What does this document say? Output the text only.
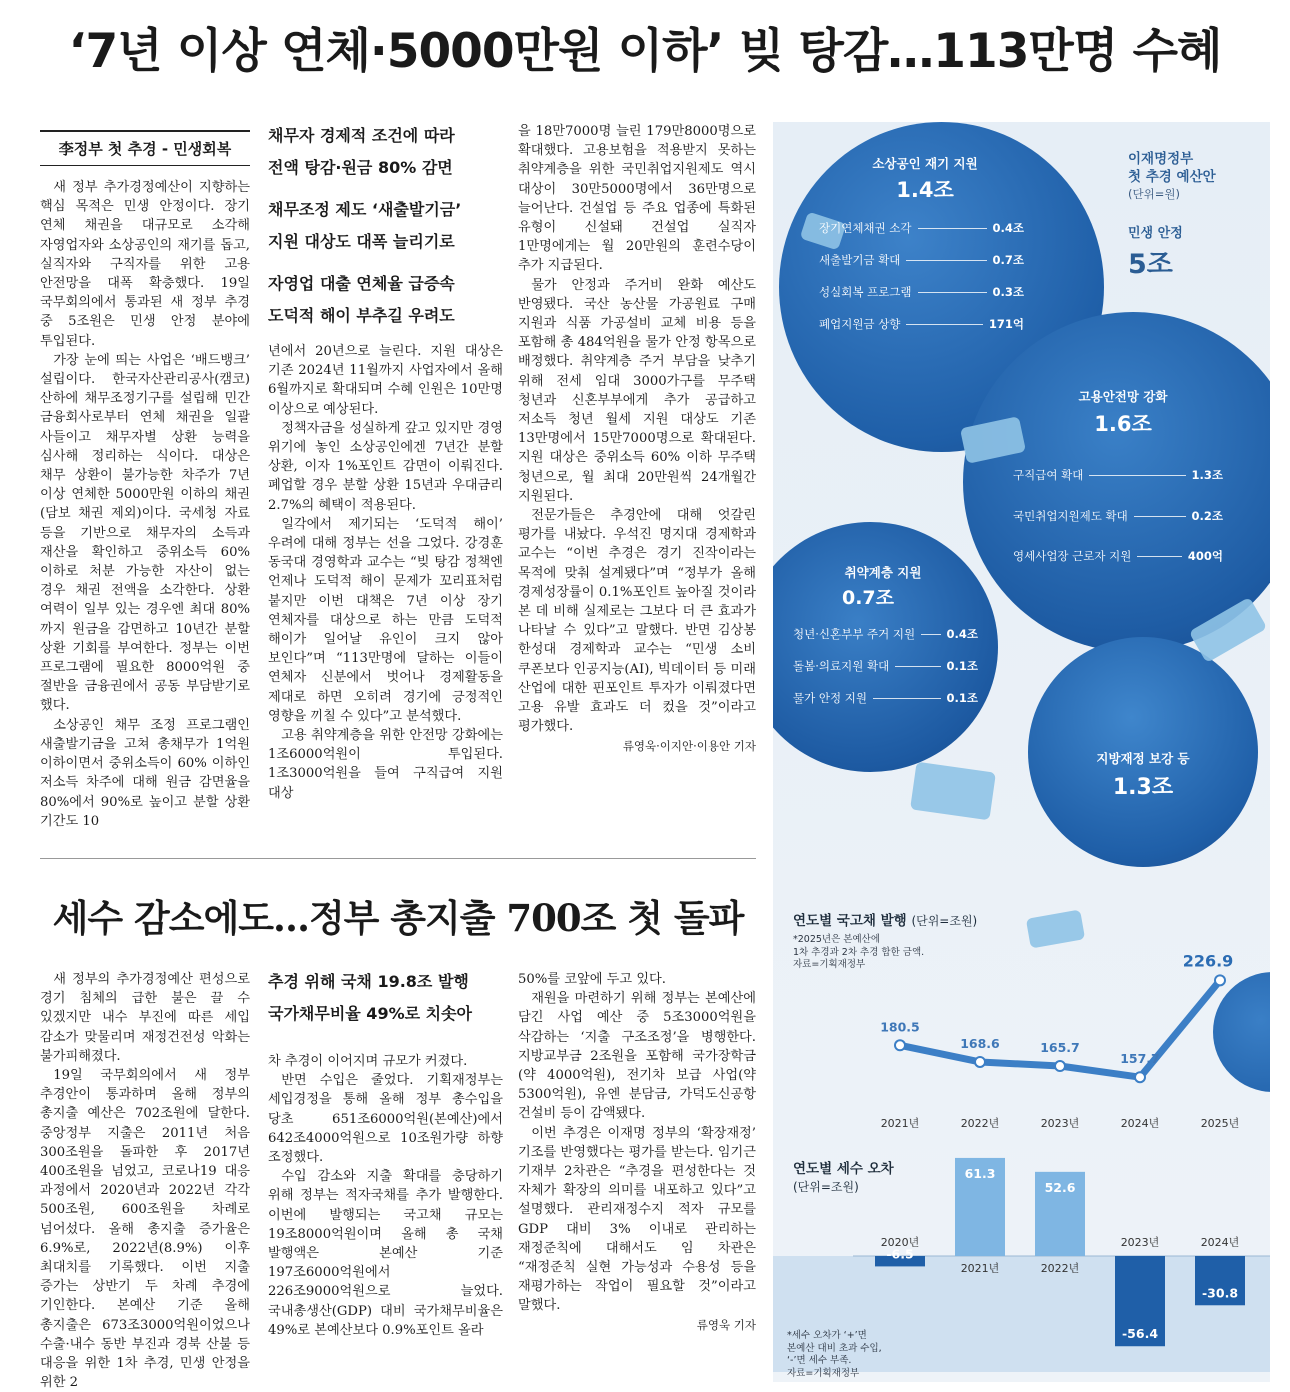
‘7년 이상 연체·5000만원 이하’ 빚 탕감…113만명 수혜
李정부 첫 추경 - 민생회복

새 정부 추가경정예산이 지향하는 핵심 목적은 민생 안정이다. 장기 연체 채권을 대규모로 소각해 자영업자와 소상공인의 재기를 돕고, 실직자와 구직자를 위한 고용 안전망을 대폭 확충했다. 19일 국무회의에서 통과된 새 정부 추경 중 5조원은 민생 안정 분야에 투입된다.

가장 눈에 띄는 사업은 ‘배드뱅크’ 설립이다. 한국자산관리공사(캠코) 산하에 채무조정기구를 설립해 민간 금융회사로부터 연체 채권을 일괄 사들이고 채무자별 상환 능력을 심사해 정리하는 식이다. 대상은 채무 상환이 불가능한 차주가 7년 이상 연체한 5000만원 이하의 채권(담보 채권 제외)이다. 국세청 자료 등을 기반으로 채무자의 소득과 재산을 확인하고 중위소득 60% 이하로 처분 가능한 자산이 없는 경우 채권 전액을 소각한다. 상환 여력이 일부 있는 경우엔 최대 80%까지 원금을 감면하고 10년간 분할 상환 기회를 부여한다. 정부는 이번 프로그램에 필요한 8000억원 중 절반을 금융권에서 공동 부담받기로 했다.

소상공인 채무 조정 프로그램인 새출발기금을 고쳐 총채무가 1억원 이하이면서 중위소득이 60% 이하인 저소득 차주에 대해 원금 감면율을 80%에서 90%로 높이고 분할 상환 기간도 10

채무자 경제적 조건에 따라
전액 탕감·원금 80% 감면
채무조정 제도 ‘새출발기금’
지원 대상도 대폭 늘리기로
자영업 대출 연체율 급증속
도덕적 해이 부추길 우려도

년에서 20년으로 늘린다. 지원 대상은 기존 2024년 11월까지 사업자에서 올해 6월까지로 확대되며 수혜 인원은 10만명 이상으로 예상된다.

정책자금을 성실하게 갚고 있지만 경영 위기에 놓인 소상공인에겐 7년간 분할 상환, 이자 1%포인트 감면이 이뤄진다. 폐업할 경우 분할 상환 15년과 우대금리 2.7%의 혜택이 적용된다.

일각에서 제기되는 ‘도덕적 해이’ 우려에 대해 정부는 선을 그었다. 강경훈 동국대 경영학과 교수는 “빚 탕감 정책엔 언제나 도덕적 해이 문제가 꼬리표처럼 붙지만 이번 대책은 7년 이상 장기 연체자를 대상으로 하는 만큼 도덕적 해이가 일어날 유인이 크지 않아 보인다”며 “113만명에 달하는 이들이 연체자 신분에서 벗어나 경제활동을 제대로 하면 오히려 경기에 긍정적인 영향을 끼칠 수 있다”고 분석했다.

고용 취약계층을 위한 안전망 강화에는 1조6000억원이 투입된다. 1조3000억원을 들여 구직급여 지원 대상

을 18만7000명 늘린 179만8000명으로 확대했다. 고용보험을 적용받지 못하는 취약계층을 위한 국민취업지원제도 역시 대상이 30만5000명에서 36만명으로 늘어난다. 건설업 등 주요 업종에 특화된 유형이 신설돼 건설업 실직자 1만명에게는 월 20만원의 훈련수당이 추가 지급된다.

물가 안정과 주거비 완화 예산도 반영됐다. 국산 농산물 가공원료 구매 지원과 식품 가공설비 교체 비용 등을 포함해 총 484억원을 물가 안정 항목으로 배정했다. 취약계층 주거 부담을 낮추기 위해 전세 임대 3000가구를 무주택 청년과 신혼부부에게 추가 공급하고 저소득 청년 월세 지원 대상도 기존 13만명에서 15만7000명으로 확대된다. 지원 대상은 중위소득 60% 이하 무주택 청년으로, 월 최대 20만원씩 24개월간 지원된다.

전문가들은 추경안에 대해 엇갈린 평가를 내놨다. 우석진 명지대 경제학과 교수는 “이번 추경은 경기 진작이라는 목적에 맞춰 설계됐다”며 “정부가 올해 경제성장률이 0.1%포인트 높아질 것이라 본 데 비해 실제로는 그보다 더 큰 효과가 나타날 수 있다”고 말했다. 반면 김상봉 한성대 경제학과 교수는 “민생 소비 쿠폰보다 인공지능(AI), 빅데이터 등 미래 산업에 대한 핀포인트 투자가 이뤄졌다면 고용 유발 효과도 더 컸을 것”이라고 평가했다.

류영욱·이지안·이용안 기자
세수 감소에도…정부 총지출 700조 첫 돌파

새 정부의 추가경정예산 편성으로 경기 침체의 급한 불은 끌 수 있겠지만 내수 부진에 따른 세입 감소가 맞물리며 재정건전성 악화는 불가피해졌다.

19일 국무회의에서 새 정부 추경안이 통과하며 올해 정부의 총지출 예산은 702조원에 달한다. 중앙정부 지출은 2011년 처음 300조원을 돌파한 후 2017년 400조원을 넘었고, 코로나19 대응 과정에서 2020년과 2022년 각각 500조원, 600조원을 차례로 넘어섰다. 올해 총지출 증가율은 6.9%로, 2022년(8.9%) 이후 최대치를 기록했다. 이번 지출 증가는 상반기 두 차례 추경에 기인한다. 본예산 기준 올해 총지출은 673조3000억원이었으나 수출·내수 동반 부진과 경북 산불 등 대응을 위한 1차 추경, 민생 안정을 위한 2

추경 위해 국채 19.8조 발행
국가채무비율 49%로 치솟아

차 추경이 이어지며 규모가 커졌다.

반면 수입은 줄었다. 기획재정부는 세입경정을 통해 올해 정부 총수입을 당초 651조6000억원(본예산)에서 642조4000억원으로 10조원가량 하향 조정했다.

수입 감소와 지출 확대를 충당하기 위해 정부는 적자국채를 추가 발행한다. 이번에 발행되는 국고채 규모는 19조8000억원이며 올해 총 국채 발행액은 본예산 기준 197조6000억원에서 226조9000억원으로 늘었다. 국내총생산(GDP) 대비 국가채무비율은 49%로 본예산보다 0.9%포인트 올라

50%를 코앞에 두고 있다.

재원을 마련하기 위해 정부는 본예산에 담긴 사업 예산 중 5조3000억원을 삭감하는 ‘지출 구조조정’을 병행한다. 지방교부금 2조원을 포함해 국가장학금(약 4000억원), 전기차 보급 사업(약 5300억원), 유엔 분담금, 가덕도신공항 건설비 등이 감액됐다.

이번 추경은 이재명 정부의 ‘확장재정’ 기조를 반영했다는 평가를 받는다. 임기근 기재부 2차관은 “추경을 편성한다는 것 자체가 확장의 의미를 내포하고 있다”고 설명했다. 관리재정수지 적자 규모를 GDP 대비 3% 이내로 관리하는 재정준칙에 대해서도 임 차관은 “재정준칙 실현 가능성과 수용성 등을 재평가하는 작업이 필요할 것”이라고 말했다.

류영욱 기자
이재명정부
첫 추경 예산안
(단위=원)
민생 안정
5조
소상공인 재기 지원
1.4조
장기연체채권 소각	0.4조
새출발기금 확대	0.7조
성실회복 프로그램	0.3조
폐업지원금 상향	171억
고용안전망 강화
1.6조
구직급여 확대	1.3조
국민취업지원제도 확대	0.2조
영세사업장 근로자 지원	400억
취약계층 지원
0.7조
청년·신혼부부 주거 지원	0.4조
돌봄·의료지원 확대	0.1조
물가 안정 지원	0.1조
지방재정 보강 등
1.3조
연도별 국고채 발행 (단위=조원)
*2025년은 본예산에
1차 추경과 2차 추경 합한 금액.
자료=기획재정부
180.5
2021년
168.6
2022년
165.7
2023년
157.7
2024년
226.9
2025년
연도별 세수 오차
(단위=조원)
-6.5
2020년
61.3
2021년
52.6
2022년
-56.4
2023년
-30.8
2024년
*세수 오차가 ‘+’면
본예산 대비 초과 수입,
‘-’면 세수 부족.
자료=기획재정부
